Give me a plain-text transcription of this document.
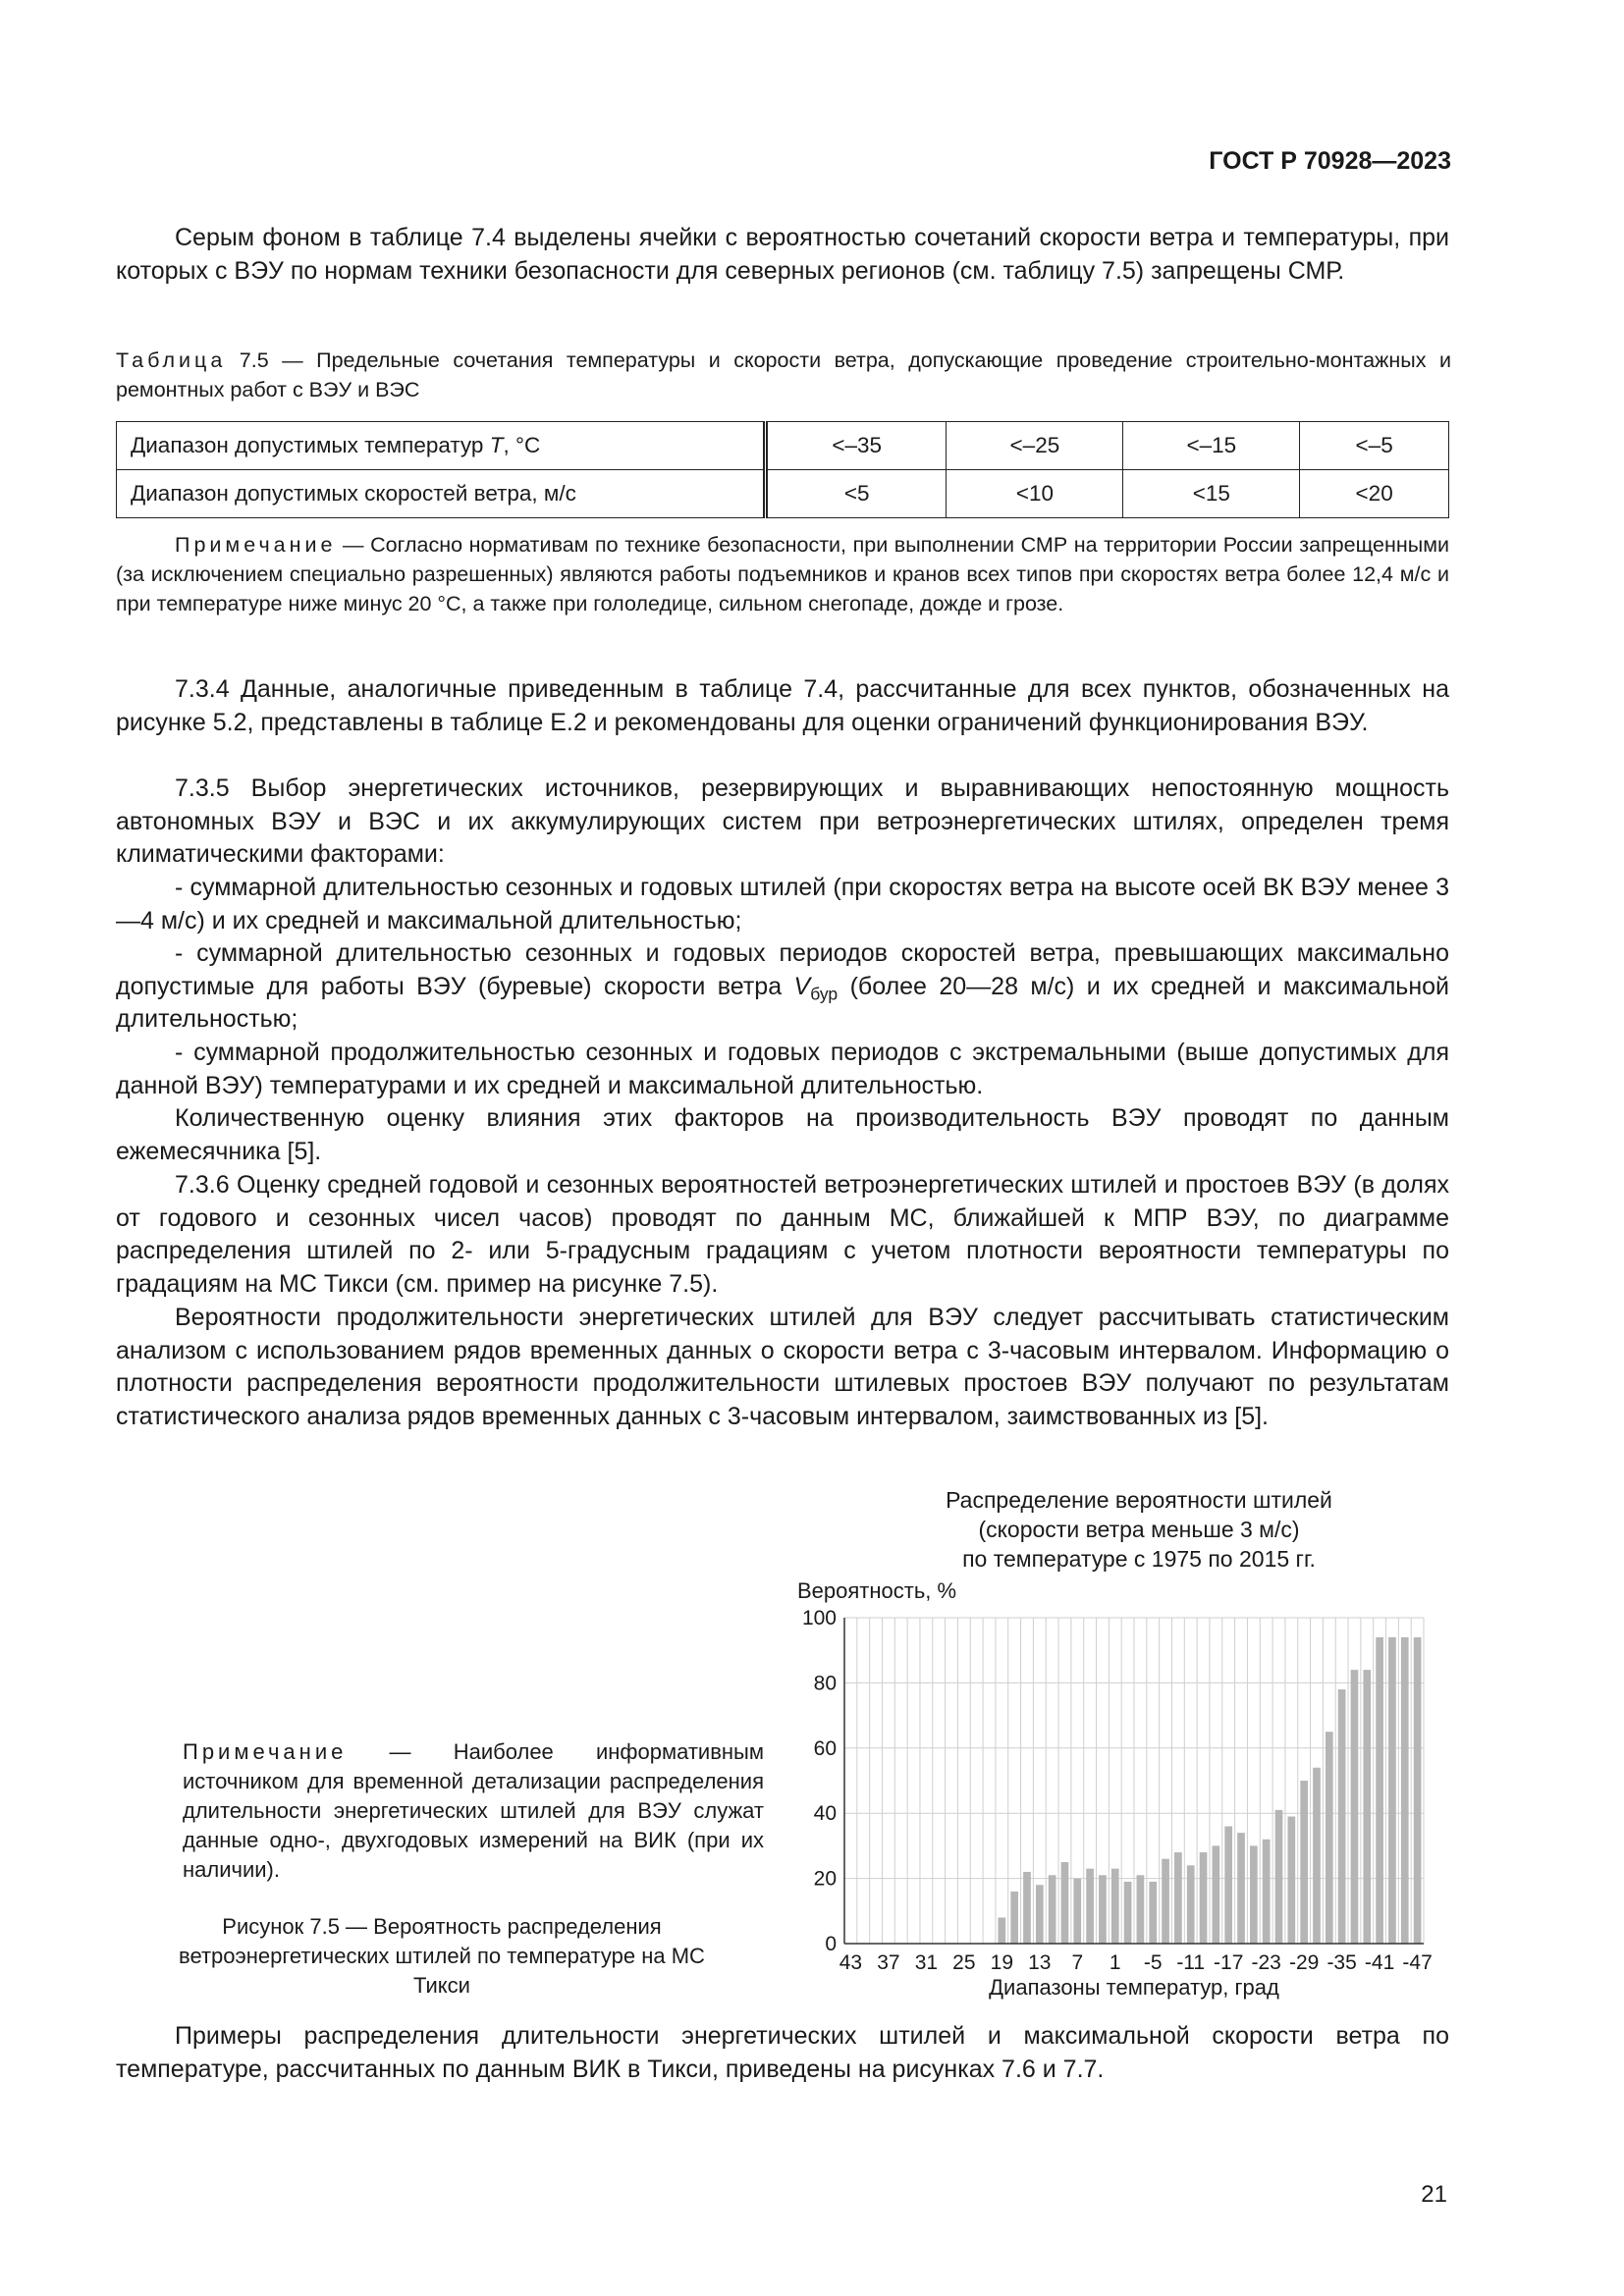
ГОСТ Р 70928—2023

Серым фоном в таблице 7.4 выделены ячейки с вероятностью сочетаний скорости ветра и температуры, при которых с ВЭУ по нормам техники безопасности для северных регионов (см. таблицу 7.5) запрещены СМР.

Таблица 7.5 — Предельные сочетания температуры и скорости ветра, допускающие проведение строительно-монтажных и ремонтных работ с ВЭУ и ВЭС

Диапазон допустимых температур T, °С	<–35	<–25	<–15	<–5
Диапазон допустимых скоростей ветра, м/с	<5	<10	<15	<20

Примечание — Согласно нормативам по технике безопасности, при выполнении СМР на территории России запрещенными (за исключением специально разрешенных) являются работы подъемников и кранов всех типов при скоростях ветра более 12,4 м/с и при температуре ниже минус 20 °С, а также при гололедице, сильном снегопаде, дожде и грозе.

7.3.4 Данные, аналогичные приведенным в таблице 7.4, рассчитанные для всех пунктов, обозначенных на рисунке 5.2, представлены в таблице Е.2 и рекомендованы для оценки ограничений функционирования ВЭУ.

7.3.5 Выбор энергетических источников, резервирующих и выравнивающих непостоянную мощность автономных ВЭУ и ВЭС и их аккумулирующих систем при ветроэнергетических штилях, определен тремя климатическими факторами:

- суммарной длительностью сезонных и годовых штилей (при скоростях ветра на высоте осей ВК ВЭУ менее 3—4 м/с) и их средней и максимальной длительностью;

- суммарной длительностью сезонных и годовых периодов скоростей ветра, превышающих максимально допустимые для работы ВЭУ (буревые) скорости ветра $V_{бур}$ (более 20—28 м/с) и их средней и максимальной длительностью;

- суммарной продолжительностью сезонных и годовых периодов с экстремальными (выше допустимых для данной ВЭУ) температурами и их средней и максимальной длительностью.

Количественную оценку влияния этих факторов на производительность ВЭУ проводят по данным ежемесячника [5].

7.3.6 Оценку средней годовой и сезонных вероятностей ветроэнергетических штилей и простоев ВЭУ (в долях от годового и сезонных чисел часов) проводят по данным МС, ближайшей к МПР ВЭУ, по диаграмме распределения штилей по 2- или 5-градусным градациям с учетом плотности вероятности температуры по градациям на МС Тикси (см. пример на рисунке 7.5).

Вероятности продолжительности энергетических штилей для ВЭУ следует рассчитывать статистическим анализом с использованием рядов временных данных о скорости ветра с 3-часовым интервалом. Информацию о плотности распределения вероятности продолжительности штилевых простоев ВЭУ получают по результатам статистического анализа рядов временных данных с 3-часовым интервалом, заимствованных из [5].

Примечание — Наиболее информативным источником для временной детализации распределения длительности энергетических штилей для ВЭУ служат данные одно-, двухгодовых измерений на ВИК (при их наличии).
Рисунок 7.5 — Вероятность распределения ветроэнергетических штилей по температуре на МС Тикси
Распределение вероятности штилей
(скорости ветра меньше 3 м/с)
по температуре с 1975 по 2015 гг.
Вероятность, %
0
20
40
60
80
100
43 37 31 25 19 13 7 1 -5 -11 -17 -23 -29 -35 -41 -47
Диапазоны температур, град

Примеры распределения длительности энергетических штилей и максимальной скорости ветра по температуре, рассчитанных по данным ВИК в Тикси, приведены на рисунках 7.6 и 7.7.

21
